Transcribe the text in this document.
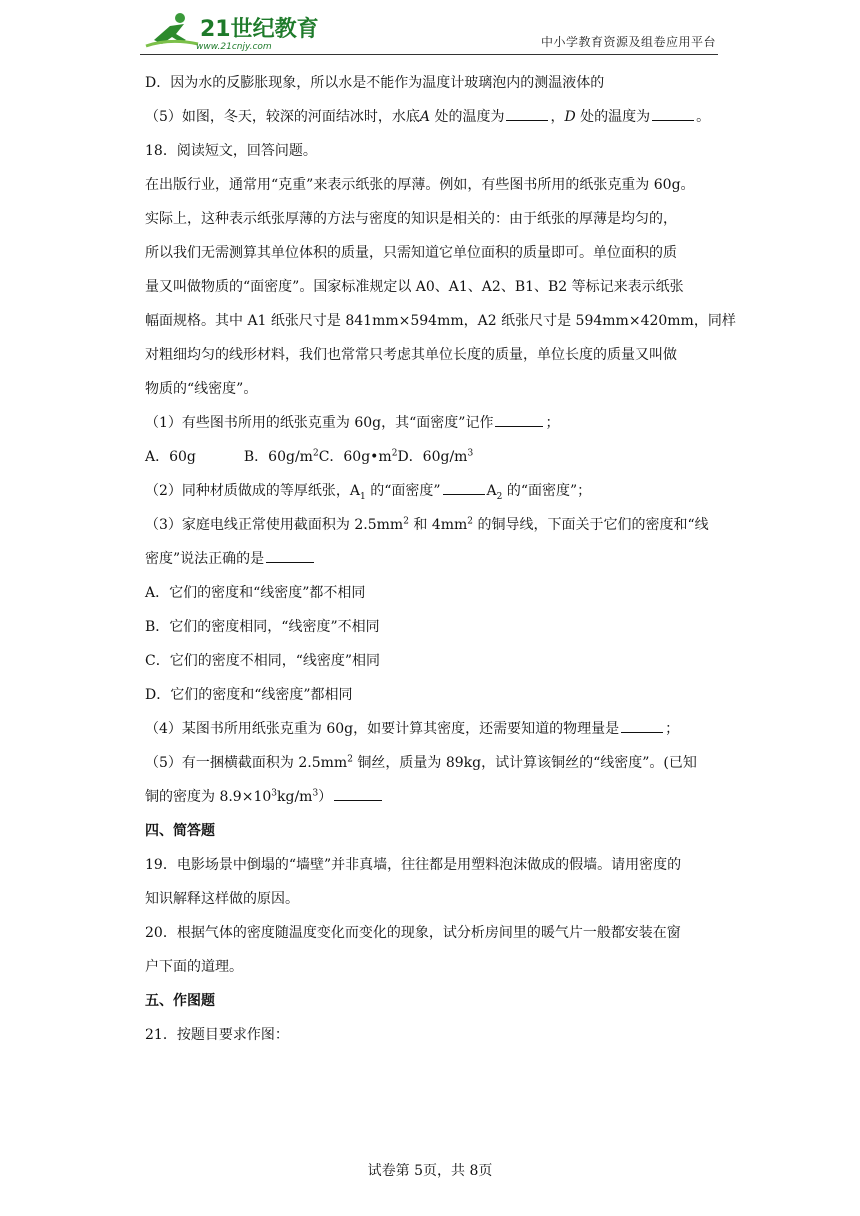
21世纪教育
www.21cnjy.com	中小学教育资源及组卷应用平台
D．因为水的反膨胀现象，所以水是不能作为温度计玻璃泡内的测温液体的
（5）如图，冬天，较深的河面结冰时，水底A 处的温度为	，D 处的温度为	。
18．阅读短文，回答问题。
在出版行业，通常用“克重”来表示纸张的厚薄。例如，有些图书所用的纸张克重为 60g。
实际上，这种表示纸张厚薄的方法与密度的知识是相关的：由于纸张的厚薄是均匀的，
所以我们无需测算其单位体积的质量，只需知道它单位面积的质量即可。单位面积的质
量又叫做物质的“面密度”。国家标准规定以 A0、A1、A2、B1、B2 等标记来表示纸张
幅面规格。其中 A1 纸张尺寸是 841mm×594mm，A2 纸张尺寸是 594mm×420mm，同样
对粗细均匀的线形材料，我们也常常只考虑其单位长度的质量，单位长度的质量又叫做
物质的“线密度”。
（1）有些图书所用的纸张克重为 60g，其“面密度”记作	；
A．60g	B．$60g/m^2C$．$60g•m^2D$．$60g/m^3$
（2）同种材质做成的等厚纸张，$A_1$ 的“面密度”	$A_2$ 的“面密度”；
（3）家庭电线正常使用截面积为 $2.5mm^2$ 和 $4mm^2$ 的铜导线，下面关于它们的密度和“线
密度”说法正确的是
A．它们的密度和“线密度”都不相同
B．它们的密度相同，“线密度”不相同
C．它们的密度不相同，“线密度”相同
D．它们的密度和“线密度”都相同
（4）某图书所用纸张克重为 60g，如要计算其密度，还需要知道的物理量是	；
（5）有一捆横截面积为 $2.5mm^2$ 铜丝，质量为 89kg，试计算该铜丝的“线密度”。(已知
铜的密度为 $8.9\times 10^3kg/m^3$）
四、简答题
19．电影场景中倒塌的“墙壁”并非真墙，往往都是用塑料泡沫做成的假墙。请用密度的
知识解释这样做的原因。
20．根据气体的密度随温度变化而变化的现象，试分析房间里的暖气片一般都安装在窗
户下面的道理。
五、作图题
21．按题目要求作图：
试卷第 5页，共 8页
